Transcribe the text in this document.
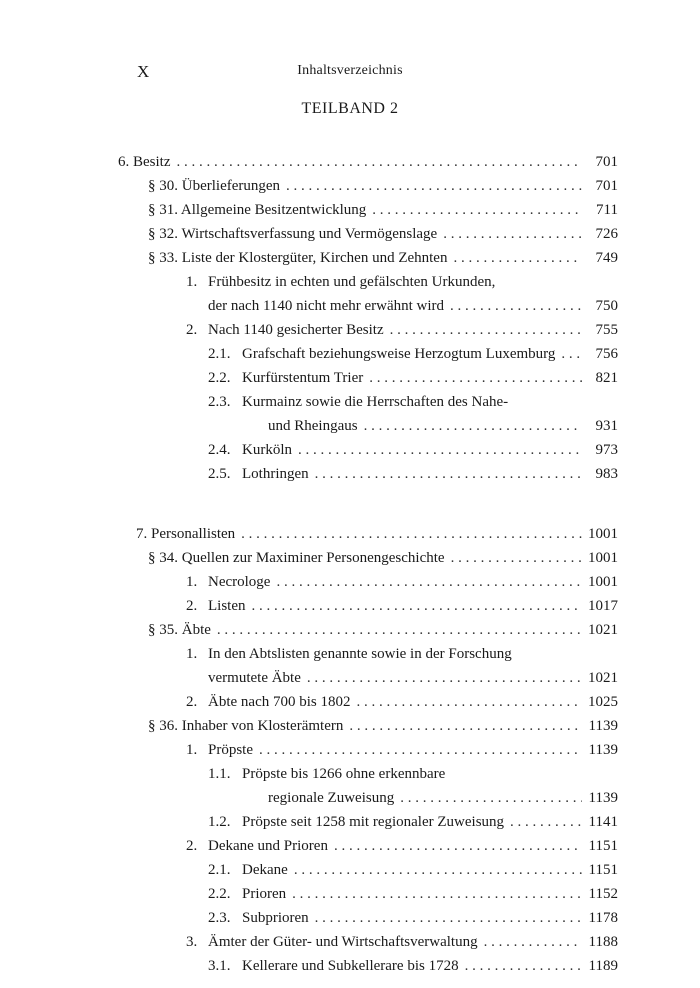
X	Inhaltsverzeichnis
TEILBAND 2
6. Besitz . . .	701
§ 30. Überlieferungen . . .	701
§ 31. Allgemeine Besitzentwicklung . . .	711
§ 32. Wirtschaftsverfassung und Vermögenslage . . .	726
§ 33. Liste der Klostergüter, Kirchen und Zehnten . . .	749
1. Frühbesitz in echten und gefälschten Urkunden,
der nach 1140 nicht mehr erwähnt wird . . .	750
2. Nach 1140 gesicherter Besitz . . .	755
2.1. Grafschaft beziehungsweise Herzogtum Luxemburg . . .	756
2.2. Kurfürstentum Trier . . .	821
2.3. Kurmainz sowie die Herrschaften des Nahe-
und Rheingaus . . .	931
2.4. Kurköln . . .	973
2.5. Lothringen . . .	983
7. Personallisten . . .	1001
§ 34. Quellen zur Maximiner Personengeschichte . . .	1001
1. Necrologe . . .	1001
2. Listen . . .	1017
§ 35. Äbte . . .	1021
1. In den Abtslisten genannte sowie in der Forschung
vermutete Äbte . . .	1021
2. Äbte nach 700 bis 1802 . . .	1025
§ 36. Inhaber von Klosterämtern . . .	1139
1. Pröpste . . .	1139
1.1. Pröpste bis 1266 ohne erkennbare
regionale Zuweisung . . .	1139
1.2. Pröpste seit 1258 mit regionaler Zuweisung . . .	1141
2. Dekane und Prioren . . .	1151
2.1. Dekane . . .	1151
2.2. Prioren . . .	1152
2.3. Subprioren . . .	1178
3. Ämter der Güter- und Wirtschaftsverwaltung . . .	1188
3.1. Kellerare und Subkellerare bis 1728 . . .	1189
